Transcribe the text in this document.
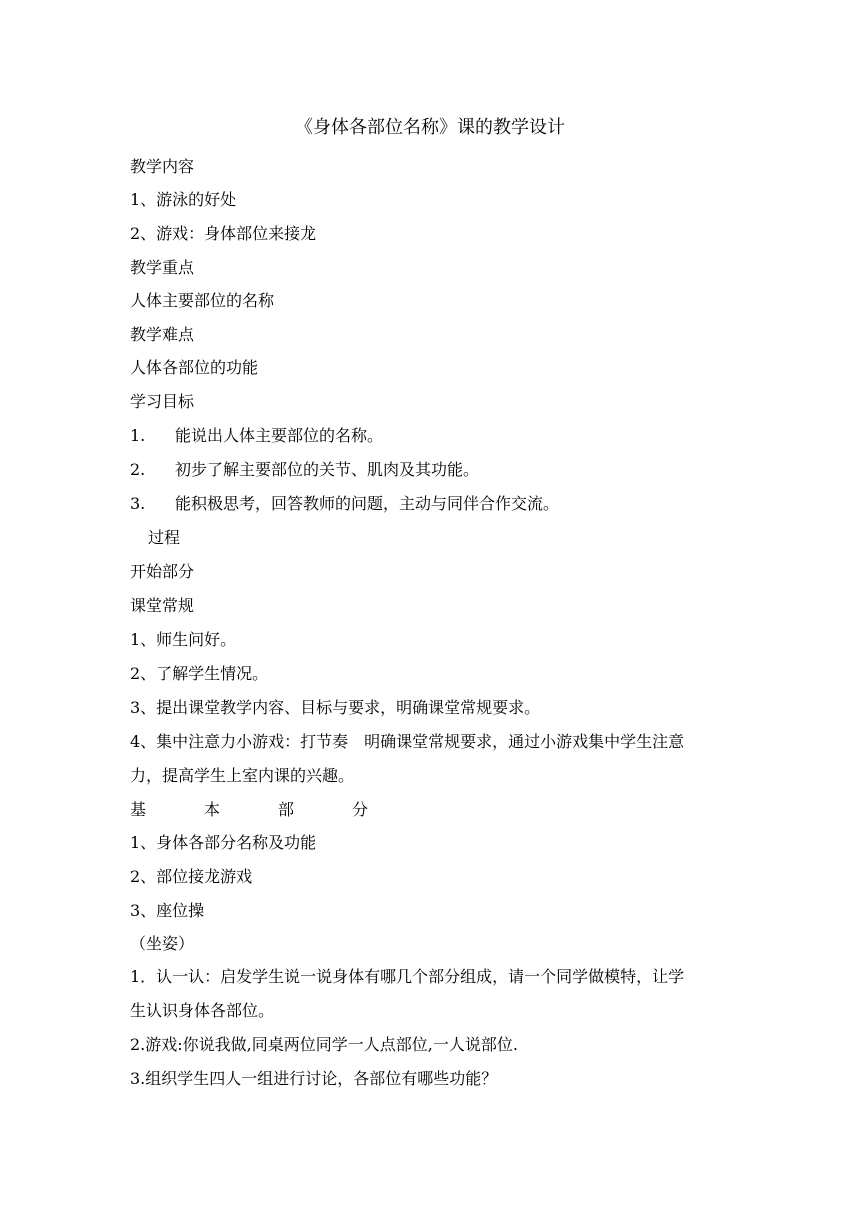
《身体各部位名称》课的教学设计
教学内容
1、游泳的好处
2、游戏：身体部位来接龙
教学重点
人体主要部位的名称
教学难点
人体各部位的功能
学习目标
1. 能说出人体主要部位的名称。
2. 初步了解主要部位的关节、肌肉及其功能。
3. 能积极思考，回答教师的问题，主动与同伴合作交流。
过程
开始部分
课堂常规
1、师生问好。
2、了解学生情况。
3、提出课堂教学内容、目标与要求，明确课堂常规要求。
4、集中注意力小游戏：打节奏　明确课堂常规要求，通过小游戏集中学生注意
力，提高学生上室内课的兴趣。
基	本	部	分
1、身体各部分名称及功能
2、部位接龙游戏
3、座位操
（坐姿）
1．认一认：启发学生说一说身体有哪几个部分组成，请一个同学做模特，让学
生认识身体各部位。
2.游戏:你说我做,同桌两位同学一人点部位,一人说部位.
3.组织学生四人一组进行讨论，各部位有哪些功能？
